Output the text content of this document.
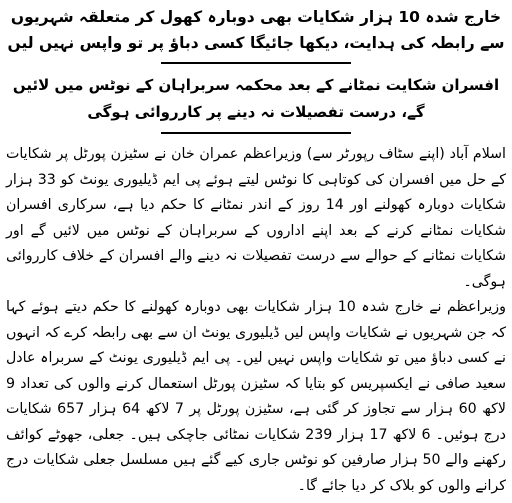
خارج شدہ 10 ہزار شکایات بھی دوبارہ کھول کر متعلقہ شہریوں سے رابطہ کی ہدایت، دیکھا جائیگا کسی دباؤ پر تو واپس نہیں لیں
افسران شکایت نمٹانے کے بعد محکمہ سربراہان کے نوٹس میں لائیں گے، درست تفصیلات نہ دینے پر کارروائی ہوگی

اسلام آباد (اپنے سٹاف رپورٹر سے) وزیراعظم عمران خان نے سٹیزن پورٹل پر شکایات کے حل میں افسران کی کوتاہی کا نوٹس لیتے ہوئے پی ایم ڈیلیوری یونٹ کو 33 ہزار شکایات دوبارہ کھولنے اور 14 روز کے اندر نمٹانے کا حکم دیا ہے، سرکاری افسران شکایات نمٹانے کرنے کے بعد اپنے اداروں کے سربراہان کے نوٹس میں لائیں گے اور شکایات نمٹانے کے حوالے سے درست تفصیلات نہ دینے والے افسران کے خلاف کارروائی ہوگی۔

وزیراعظم نے خارج شدہ 10 ہزار شکایات بھی دوبارہ کھولنے کا حکم دیتے ہوئے کہا کہ جن شہریوں نے شکایات واپس لیں ڈیلیوری یونٹ ان سے بھی رابطہ کرے کہ انہوں نے کسی دباؤ میں تو شکایات واپس نہیں لیں۔ پی ایم ڈیلیوری یونٹ کے سربراہ عادل سعید صافی نے ایکسپریس کو بتایا کہ سٹیزن پورٹل استعمال کرنے والوں کی تعداد 9 لاکھ 60 ہزار سے تجاوز کر گئی ہے، سٹیزن پورٹل پر 7 لاکھ 64 ہزار 657 شکایات درج ہوئیں۔ 6 لاکھ 17 ہزار 239 شکایات نمٹائی جاچکی ہیں۔ جعلی، جھوٹے کوائف رکھنے والے 50 ہزار صارفین کو نوٹس جاری کیے گئے ہیں مسلسل جعلی شکایات درج کرانے والوں کو بلاک کر دیا جائے گا۔
